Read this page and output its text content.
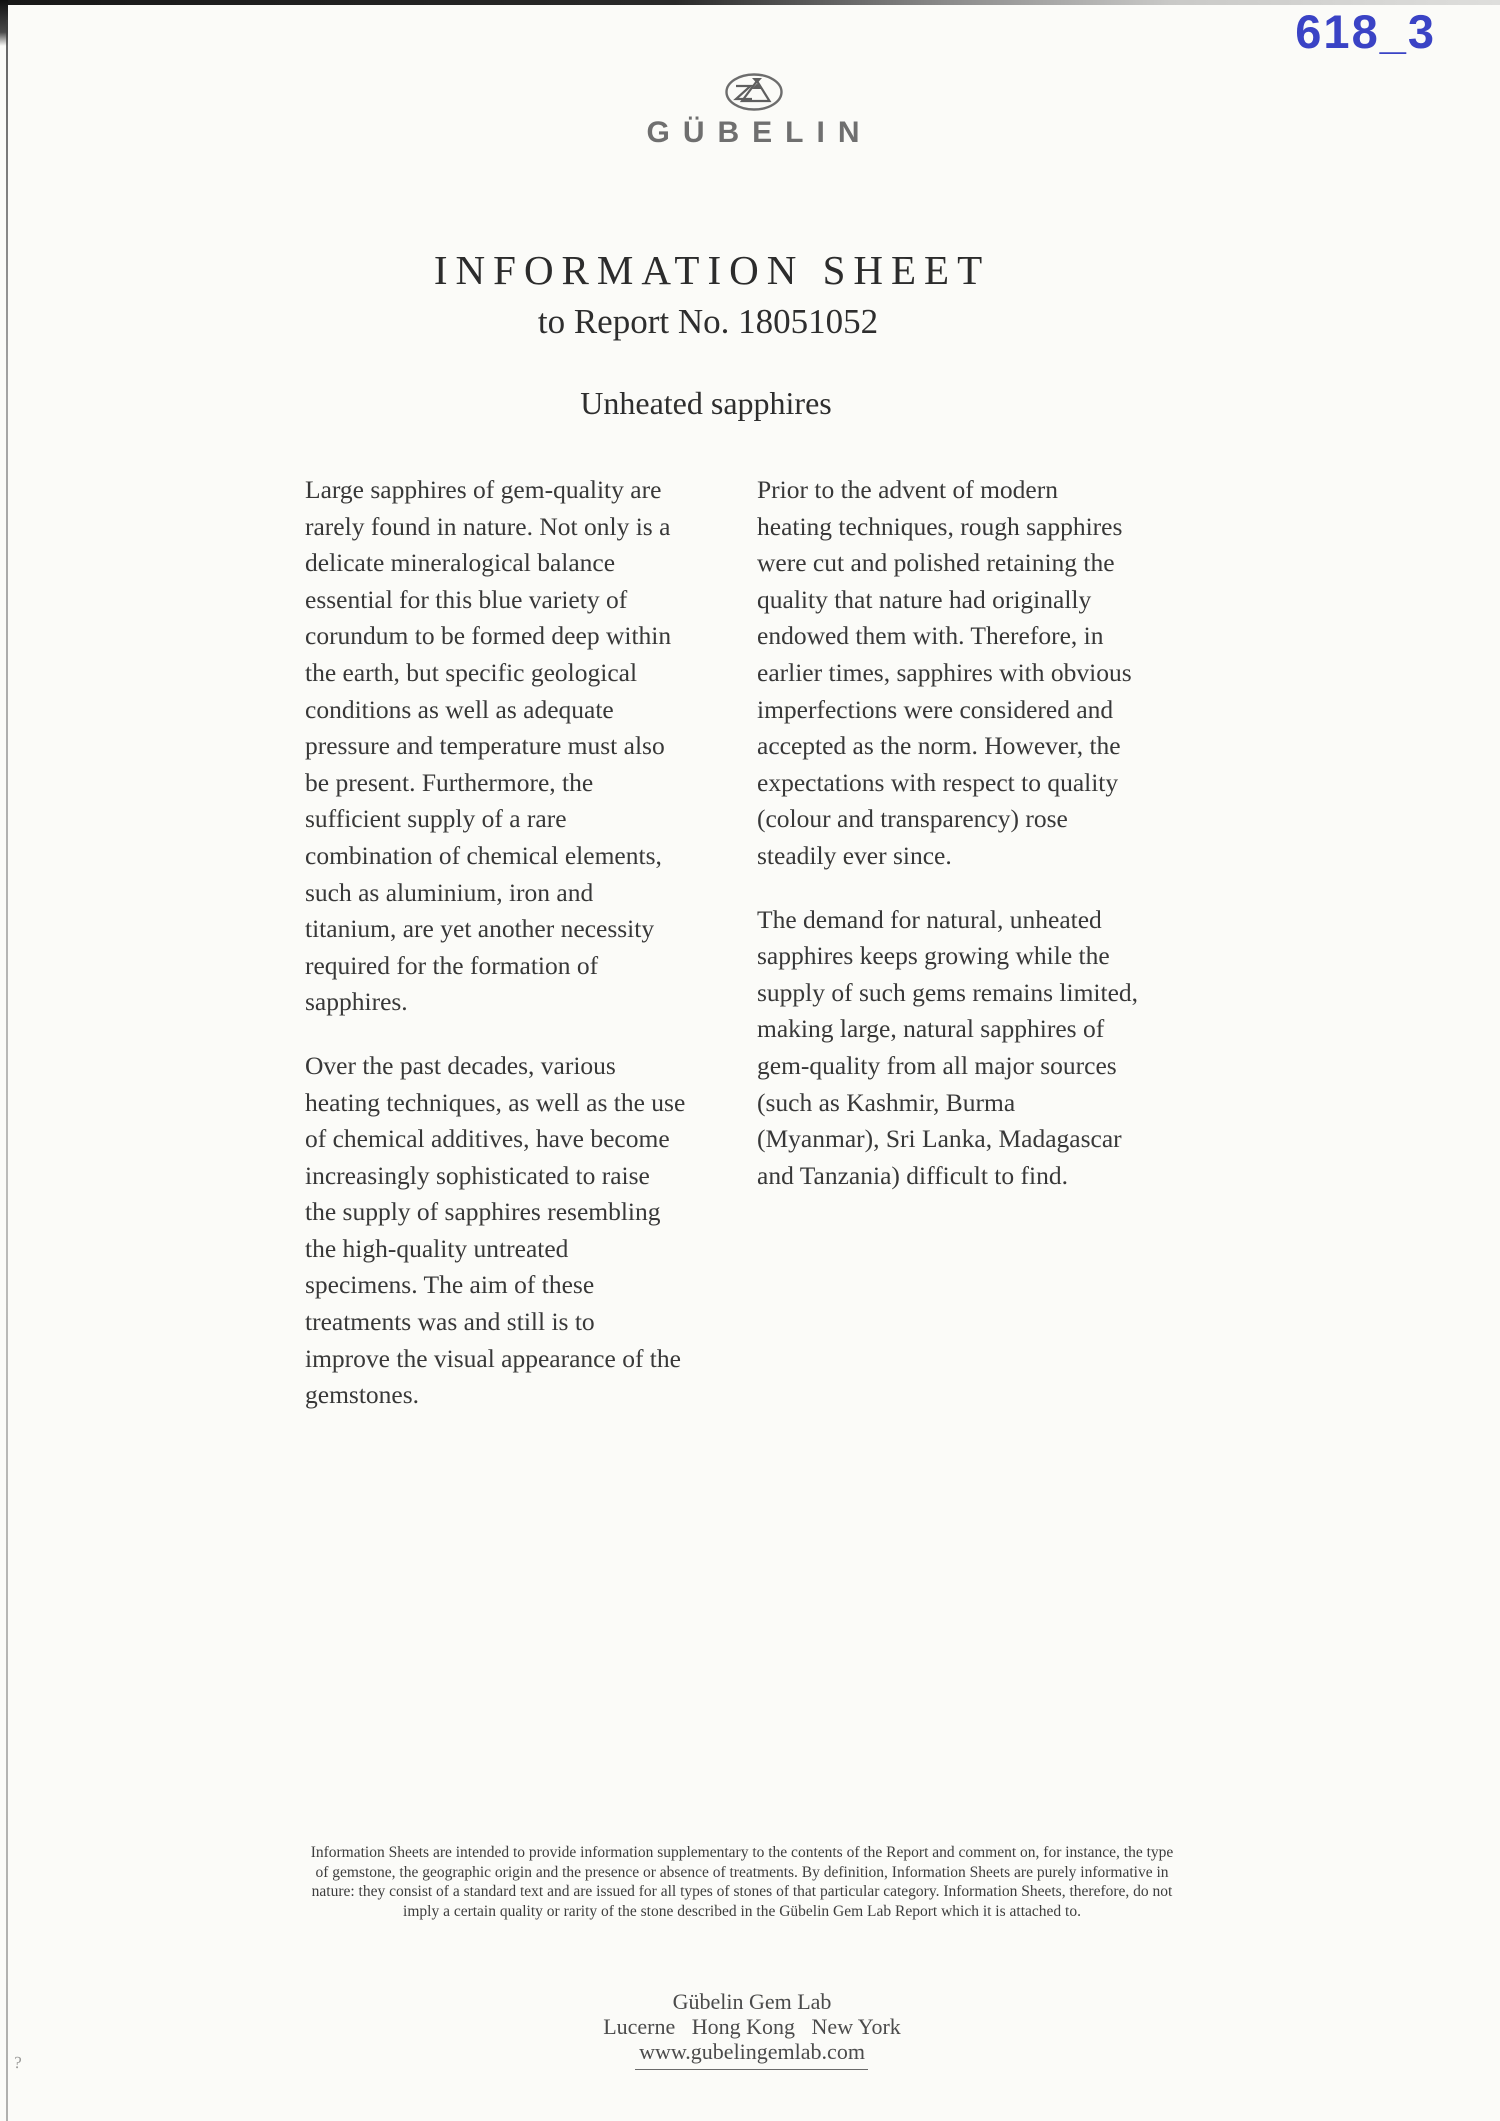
?
618_3
GÜBELIN
INFORMATION SHEET
to Report No. 18051052
Unheated sapphires

Large sapphires of gem-quality are
rarely found in nature. Not only is a
delicate mineralogical balance
essential for this blue variety of
corundum to be formed deep within
the earth, but specific geological
conditions as well as adequate
pressure and temperature must also
be present. Furthermore, the
sufficient supply of a rare
combination of chemical elements,
such as aluminium, iron and
titanium, are yet another necessity
required for the formation of
sapphires.

Over the past decades, various
heating techniques, as well as the use
of chemical additives, have become
increasingly sophisticated to raise
the supply of sapphires resembling
the high-quality untreated
specimens. The aim of these
treatments was and still is to
improve the visual appearance of the
gemstones.

Prior to the advent of modern
heating techniques, rough sapphires
were cut and polished retaining the
quality that nature had originally
endowed them with. Therefore, in
earlier times, sapphires with obvious
imperfections were considered and
accepted as the norm. However, the
expectations with respect to quality
(colour and transparency) rose
steadily ever since.

The demand for natural, unheated
sapphires keeps growing while the
supply of such gems remains limited,
making large, natural sapphires of
gem-quality from all major sources
(such as Kashmir, Burma
(Myanmar), Sri Lanka, Madagascar
and Tanzania) difficult to find.

Information Sheets are intended to provide information supplementary to the contents of the Report and comment on, for instance, the type
of gemstone, the geographic origin and the presence or absence of treatments. By definition, Information Sheets are purely informative in
nature: they consist of a standard text and are issued for all types of stones of that particular category. Information Sheets, therefore, do not
imply a certain quality or rarity of the stone described in the Gübelin Gem Lab Report which it is attached to.
Gübelin Gem Lab
Lucerne   Hong Kong   New York
www.gubelingemlab.com
